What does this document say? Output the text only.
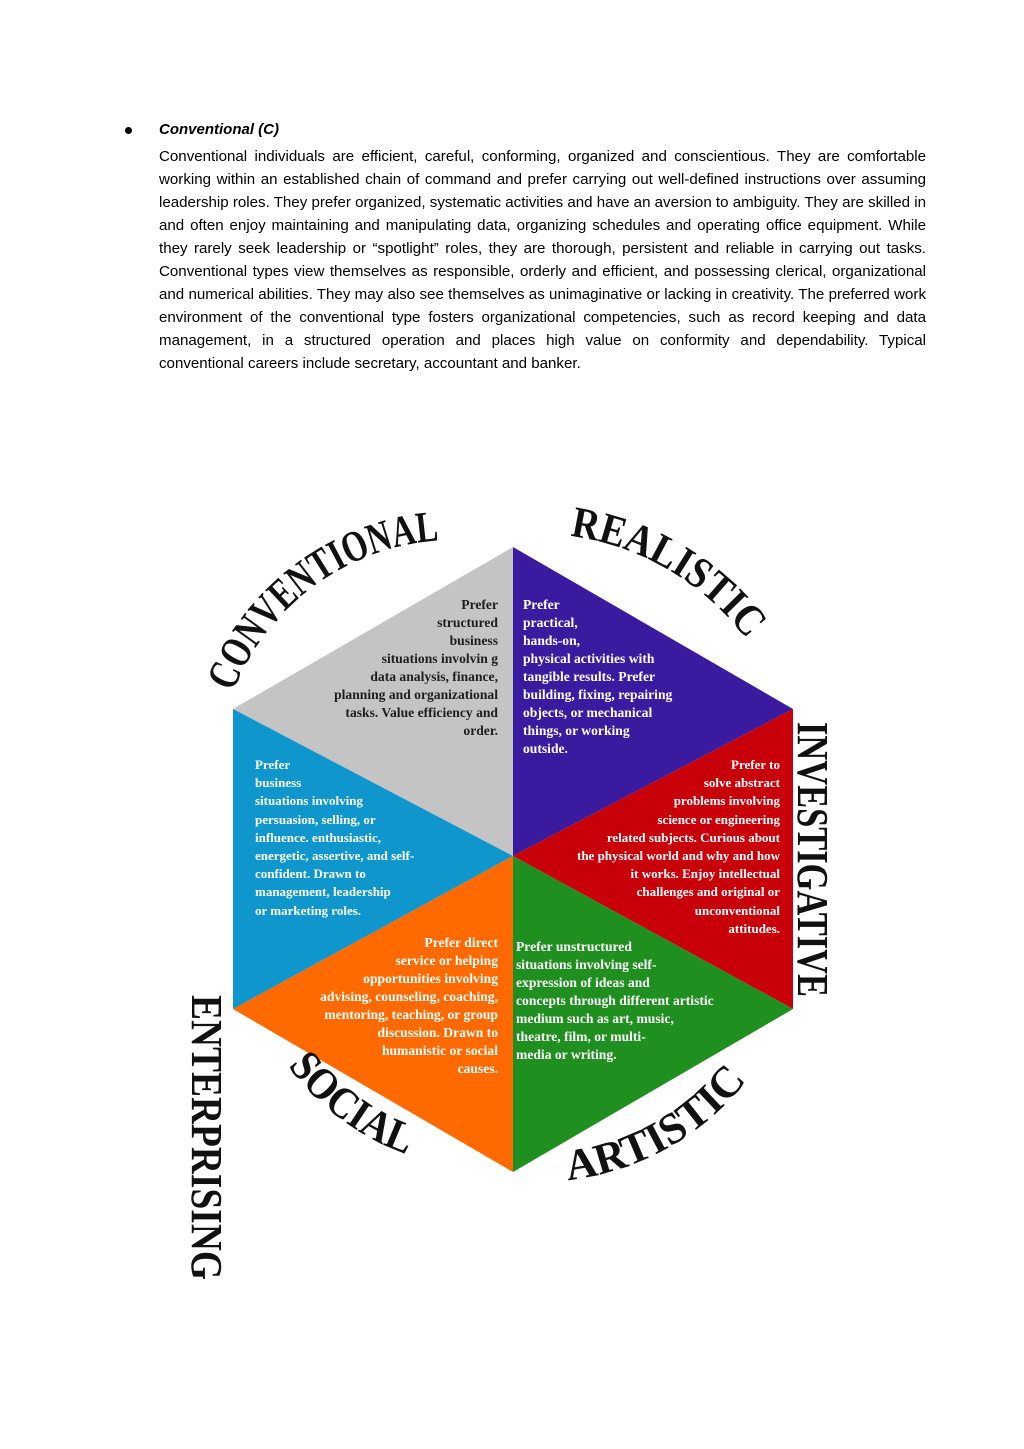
Conventional (C)

Conventional individuals are efficient, careful, conforming, organized and conscientious. They are comfortable working within an established chain of command and prefer carrying out well-defined instructions over assuming leadership roles. They prefer organized, systematic activities and have an aversion to ambiguity. They are skilled in and often enjoy maintaining and manipulating data, organizing schedules and operating office equipment. While they rarely seek leadership or “spotlight” roles, they are thorough, persistent and reliable in carrying out tasks. Conventional types view themselves as responsible, orderly and efficient, and possessing clerical, organizational and numerical abilities. They may also see themselves as unimaginative or lacking in creativity. The preferred work environment of the conventional type fosters organizational competencies, such as record keeping and data management, in a structured operation and places high value on conformity and dependability. Typical conventional careers include secretary, accountant and banker.

CONVENTIONAL	REALISTIC
SOCIAL	ARTISTIC
ENTERPRISING
INVESTIGATIVE

Prefer
structured
business
situations involvin g
data analysis, finance,
planning and organizational
tasks. Value efficiency and
order.

Prefer
practical,
hands-on,
physical activities with
tangible results. Prefer
building, fixing, repairing
objects, or mechanical
things, or working
outside.

Prefer
business
situations involving
persuasion, selling, or
influence. enthusiastic,
energetic, assertive, and self-
confident. Drawn to
management, leadership
or marketing roles.

Prefer to
solve abstract
problems involving
science or engineering
related subjects. Curious about
the physical world and why and how
it works. Enjoy intellectual
challenges and original or
unconventional
attitudes.

Prefer direct
service or helping
opportunities involving
advising, counseling, coaching,
mentoring, teaching, or group
discussion. Drawn to
humanistic or social
causes.

Prefer unstructured
situations involving self-
expression of ideas and
concepts through different artistic
medium such as art, music,
theatre, film, or multi-
media or writing.
